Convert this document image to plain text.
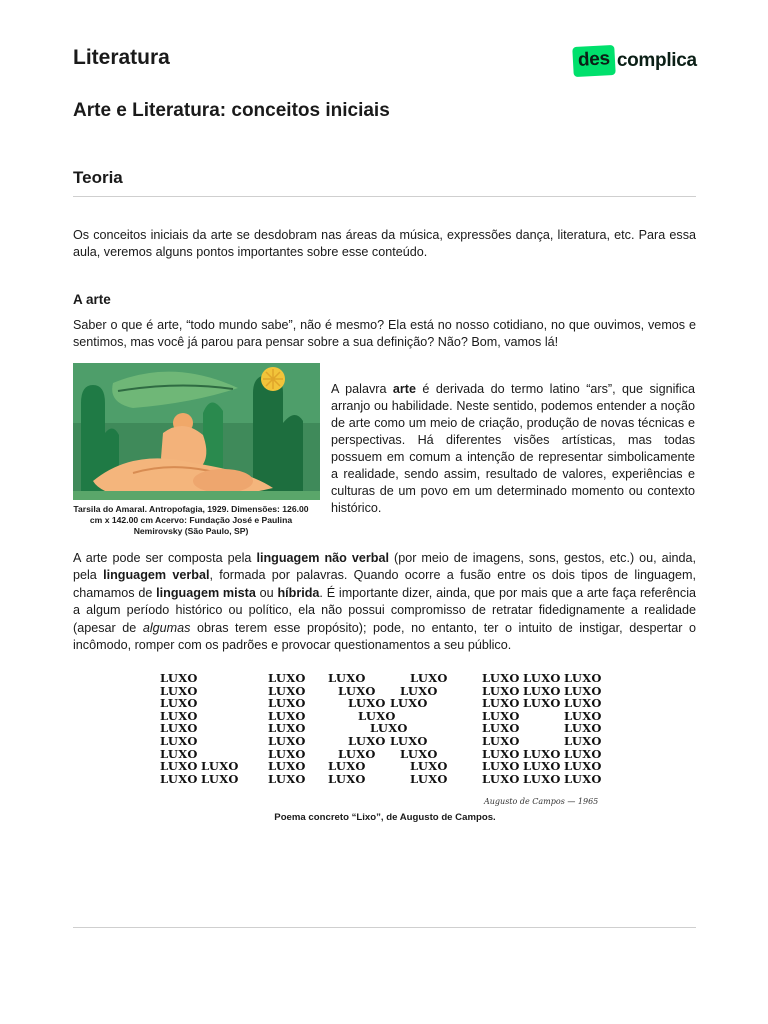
Literatura	des complica
Arte e Literatura: conceitos iniciais
Teoria
Os conceitos iniciais da arte se desdobram nas áreas da música, expressões dança, literatura, etc. Para essa aula, veremos alguns pontos importantes sobre esse conteúdo.
A arte
Saber o que é arte, “todo mundo sabe”, não é mesmo? Ela está no nosso cotidiano, no que ouvimos, vemos e sentimos, mas você já parou para pensar sobre a sua definição? Não? Bom, vamos lá!
Tarsila do Amaral. Antropofagia, 1929. Dimensões: 126.00 cm x 142.00 cm Acervo: Fundação José e Paulina Nemirovsky (São Paulo, SP)
A palavra arte é derivada do termo latino “ars”, que significa arranjo ou habilidade. Neste sentido, podemos entender a noção de arte como um meio de criação, produção de novas técnicas e perspectivas. Há diferentes visões artísticas, mas todas possuem em comum a intenção de representar simbolicamente a realidade, sendo assim, resultado de valores, experiências e culturas de um povo em um determinado momento ou contexto histórico.
A arte pode ser composta pela linguagem não verbal (por meio de imagens, sons, gestos, etc.) ou, ainda, pela linguagem verbal, formada por palavras. Quando ocorre a fusão entre os dois tipos de linguagem, chamamos de linguagem mista ou híbrida. É importante dizer, ainda, que por mais que a arte faça referência a algum período histórico ou político, ela não possui compromisso de retratar fidedignamente a realidade (apesar de algumas obras terem esse propósito); pode, no entanto, ter o intuito de instigar, despertar o incômodo, romper com os padrões e provocar questionamentos a seu público.
LUXO
LUXO
LUXO
LUXO
LUXO
LUXO
LUXO
LUXO
LUXO
LUXO
LUXO
LUXO
LUXO
LUXO
LUXO
LUXO
LUXO
LUXO
LUXO
LUXO
LUXO	LUXO
LUXO LUXO
LUXO LUXO
LUXO
LUXO
LUXO LUXO
LUXO LUXO
LUXO	LUXO
LUXO	LUXO
LUXO
LUXO
LUXO
LUXO
LUXO
LUXO
LUXO
LUXO
LUXO
LUXO
LUXO
LUXO
LUXO
LUXO
LUXO
LUXO
LUXO
LUXO
LUXO
LUXO
LUXO
LUXO
LUXO
LUXO
Augusto de Campos — 1965
Poema concreto “Lixo”, de Augusto de Campos.
